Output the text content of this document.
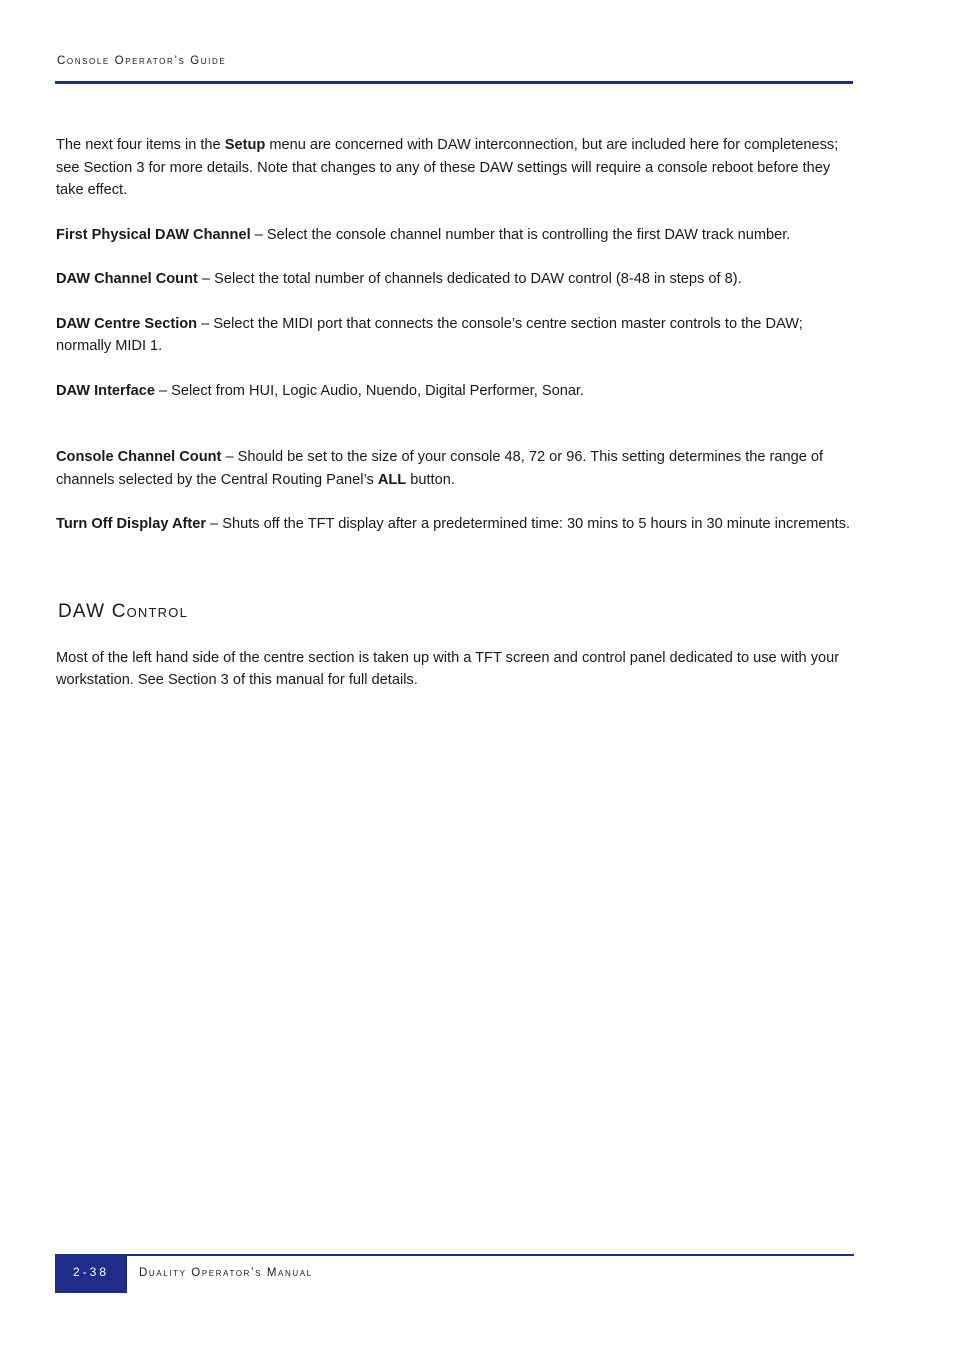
Console Operator’s Guide

The next four items in the Setup menu are concerned with DAW interconnection, but are included here for completeness; see Section 3 for more details. Note that changes to any of these DAW settings will require a console reboot before they take effect.

First Physical DAW Channel – Select the console channel number that is controlling the first DAW track number.

DAW Channel Count – Select the total number of channels dedicated to DAW control (8-48 in steps of 8).

DAW Centre Section – Select the MIDI port that connects the console’s centre section master controls to the DAW; normally MIDI 1.

DAW Interface – Select from HUI, Logic Audio, Nuendo, Digital Performer, Sonar.

Console Channel Count – Should be set to the size of your console 48, 72 or 96. This setting determines the range of channels selected by the Central Routing Panel’s ALL button.

Turn Off Display After – Shuts off the TFT display after a predetermined time: 30 mins to 5 hours in 30 minute increments.

DAW Control

Most of the left hand side of the centre section is taken up with a TFT screen and control panel dedicated to use with your workstation. See Section 3 of this manual for full details.

2-38	Duality Operator’s Manual
